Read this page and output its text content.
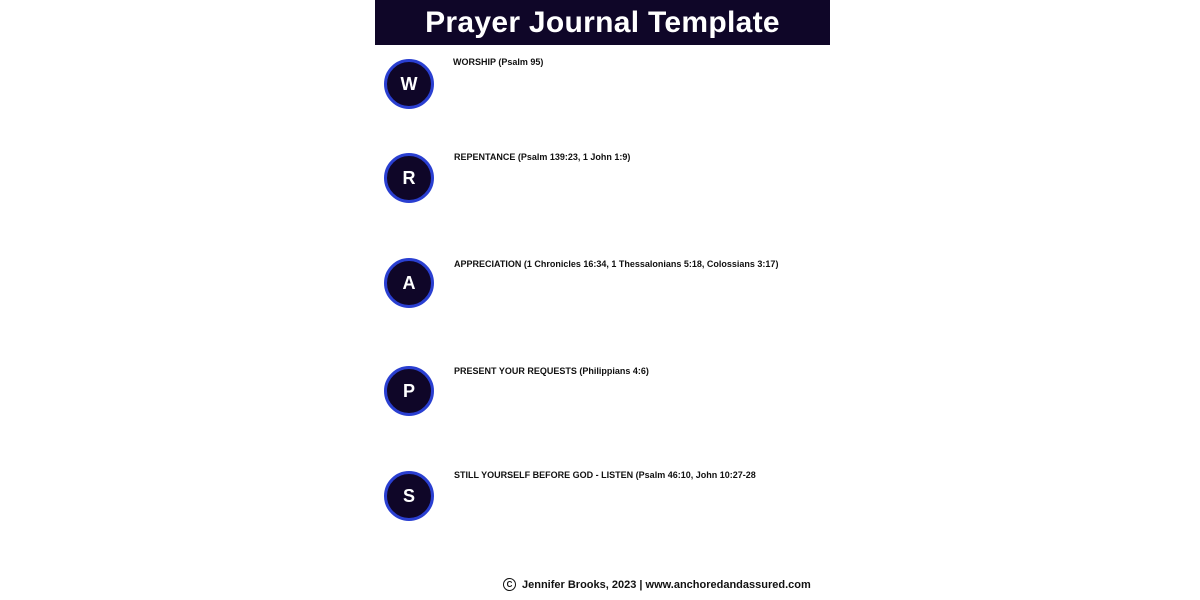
Prayer Journal Template
W
WORSHIP (Psalm 95)
R
REPENTANCE (Psalm 139:23, 1 John 1:9)
A
APPRECIATION (1 Chronicles 16:34, 1 Thessalonians 5:18, Colossians 3:17)
P
PRESENT YOUR REQUESTS (Philippians 4:6)
S
STILL YOURSELF BEFORE GOD - LISTEN (Psalm 46:10, John 10:27-28
C Jennifer Brooks, 2023 | www.anchoredandassured.com
